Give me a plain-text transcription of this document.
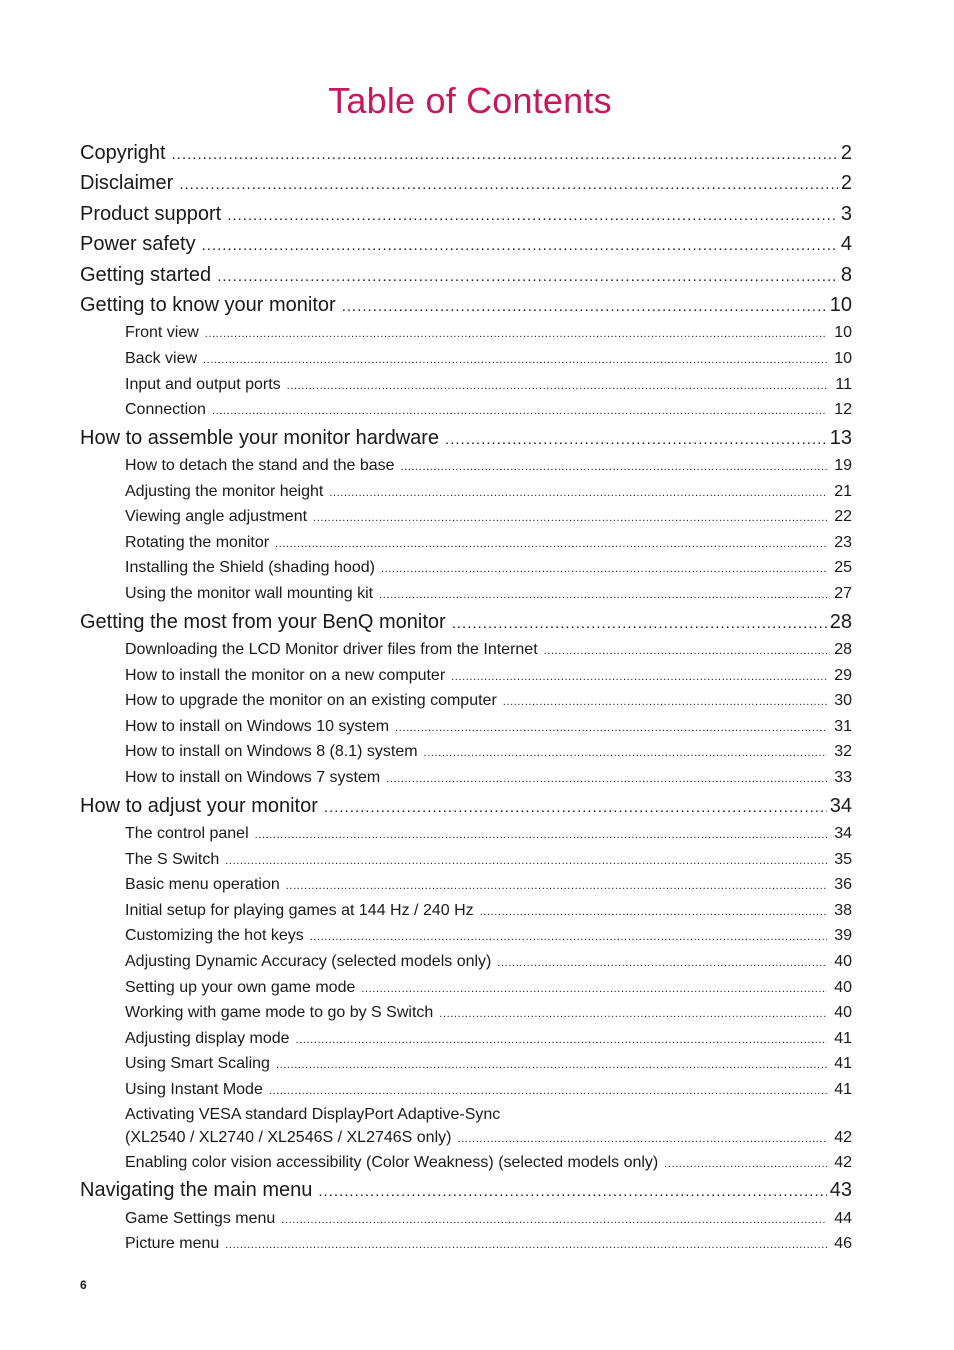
Table of Contents
Copyright .....	2
Disclaimer .....	2
Product support .....	3
Power safety .....	4
Getting started .....	8
Getting to know your monitor .....	10
Front view .....	10
Back view .....	10
Input and output ports .....	11
Connection .....	12
How to assemble your monitor hardware .....	13
How to detach the stand and the base .....	19
Adjusting the monitor height .....	21
Viewing angle adjustment .....	22
Rotating the monitor .....	23
Installing the Shield (shading hood) .....	25
Using the monitor wall mounting kit .....	27
Getting the most from your BenQ monitor .....	28
Downloading the LCD Monitor driver files from the Internet .....	28
How to install the monitor on a new computer .....	29
How to upgrade the monitor on an existing computer .....	30
How to install on Windows 10 system .....	31
How to install on Windows 8 (8.1) system .....	32
How to install on Windows 7 system .....	33
How to adjust your monitor .....	34
The control panel .....	34
The S Switch .....	35
Basic menu operation .....	36
Initial setup for playing games at 144 Hz / 240 Hz .....	38
Customizing the hot keys .....	39
Adjusting Dynamic Accuracy (selected models only) .....	40
Setting up your own game mode .....	40
Working with game mode to go by S Switch .....	40
Adjusting display mode .....	41
Using Smart Scaling .....	41
Using Instant Mode .....	41
Activating VESA standard DisplayPort Adaptive-Sync
(XL2540 / XL2740 / XL2546S / XL2746S only) .....	42
Enabling color vision accessibility (Color Weakness) (selected models only) .....	42
Navigating the main menu .....	43
Game Settings menu .....	44
Picture menu .....	46
6
